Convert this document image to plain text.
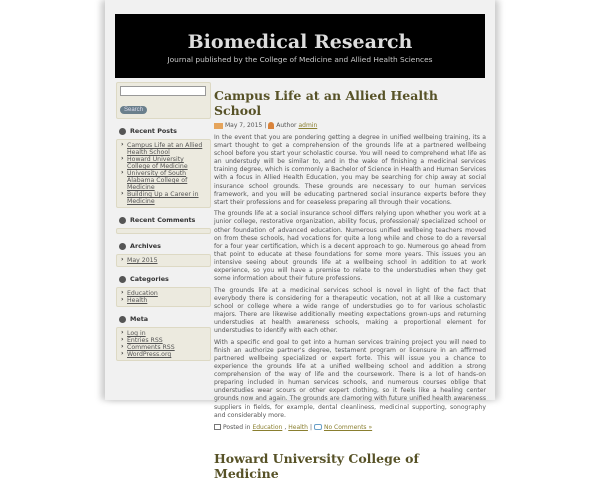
Biomedical Research

Journal published by the College of Medicine and Allied Health Sciences

Search
Recent Posts
› Campus Life at an Allied Health School
› Howard University College of Medicine
› University of South Alabama College of Medicine
› Building Up a Career in Medicine
Recent Comments
Archives
› May 2015
Categories
› Education
› Health
Meta
› Log in
› Entries RSS
› Comments RSS
› WordPress.org
Campus Life at an Allied Health School
May 7, 2015 | Author admin

In the event that you are pondering getting a degree in unified wellbeing training, its a smart thought to get a comprehension of the grounds life at a partnered wellbeing school before you start your scholastic course. You will need to comprehend what life as an understudy will be similar to, and in the wake of finishing a medicinal services training degree, which is commonly a Bachelor of Science in Health and Human Services with a focus in Allied Health Education, you may be searching for chip away at social insurance school grounds. These grounds are necessary to our human services framework, and you will be educating partnered social insurance experts before they start their professions and for ceaseless preparing all through their vocations.

The grounds life at a social insurance school differs relying upon whether you work at a junior college, restorative organization, ability focus, professional/ specialized school or other foundation of advanced education. Numerous unified wellbeing teachers moved on from these schools, had vocations for quite a long while and chose to do a reversal for a four year certification, which is a decent approach to go. Numerous go ahead from that point to educate at these foundations for some more years. This issues you an intensive seeing about grounds life at a wellbeing school in addition to at work experience, so you will have a premise to relate to the understudies when they get some information about their future professions.

The grounds life at a medicinal services school is novel in light of the fact that everybody there is considering for a therapeutic vocation, not at all like a customary school or college where a wide range of understudies go to for various scholastic majors. There are likewise additionally meeting expectations grown-ups and returning understudies at health awareness schools, making a proportional element for understudies to identify with each other.

With a specific end goal to get into a human services training project you will need to finish an authorize partner's degree, testament program or licensure in an affirmed partnered wellbeing specialized or expert forte. This will issue you a chance to experience the grounds life at a unified wellbeing school and addition a strong comprehension of the way of life and the coursework. There is a lot of hands-on preparing included in human services schools, and numerous courses oblige that understudies wear scours or other expert clothing, so it feels like a healing center grounds now and again. The grounds are clamoring with future unified health awareness suppliers in fields, for example, dental cleanliness, medicinal supporting, sonography and considerably more.

Posted in Education , Health | No Comments »
Howard University College of Medicine
